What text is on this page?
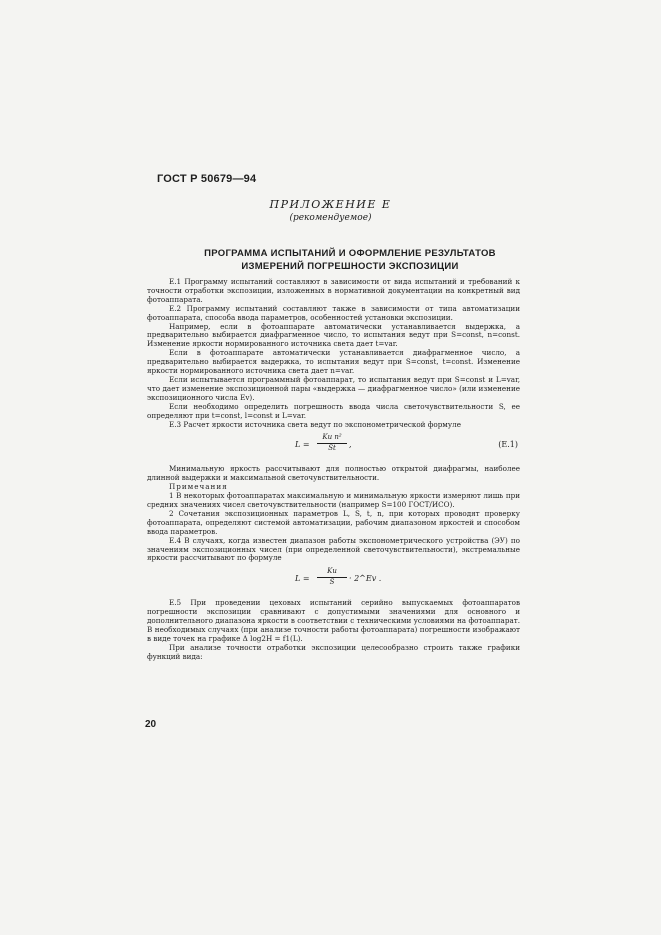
ГОСТ Р 50679—94
ПРИЛОЖЕНИЕ Е
(рекомендуемое)
ПРОГРАММА ИСПЫТАНИЙ И ОФОРМЛЕНИЕ РЕЗУЛЬТАТОВ
ИЗМЕРЕНИЙ ПОГРЕШНОСТИ ЭКСПОЗИЦИИ

Е.1 Программу испытаний составляют в зависимости от вида испытаний и требований к точности отработки экспозиции, изложенных в нормативной документации на конкретный вид фотоаппарата.

Е.2 Программу испытаний составляют также в зависимости от типа автоматизации фотоаппарата, способа ввода параметров, особенностей установки экспозиции.

Например, если в фотоаппарате автоматически устанавливается выдержка, а предварительно выбирается диафрагменное число, то испытания ведут при S=const, n=const. Изменение яркости нормированного источника света дает t=var.

Если в фотоаппарате автоматически устанавливается диафрагменное число, а предварительно выбирается выдержка, то испытания ведут при S=const, t=const. Изменение яркости нормированного источника света дает n=var.

Если испытывается программный фотоаппарат, то испытания ведут при S=const и L=var, что дает изменение экспозиционной пары «выдержка — диафрагменное число» (или изменение экспозиционного числа Ev).

Если необходимо определить погрешность ввода числа светочувствительности S, ее определяют при t=const, l=const и L=var.

Е.3 Расчет яркости источника света ведут по экспонометрической формуле

L =
Kи n²
St	,	(Е.1)

Минимальную яркость рассчитывают для полностью открытой диафрагмы, наиболее длинной выдержки и максимальной светочувствительности.

Примечания

1 В некоторых фотоаппаратах максимальную и минимальную яркости измеряют лишь при средних значениях чисел светочувствительности (например S=100 ГОСТ/ИСО).

2 Сочетания экспозиционных параметров L, S, t, n, при которых проводят проверку фотоаппарата, определяют системой автоматизации, рабочим диапазоном яркостей и способом ввода параметров.

Е.4 В случаях, когда известен диапазон работы экспонометрического устройства (ЭУ) по значениям экспозиционных чисел (при определенной светочувствительности), экстремальные яркости рассчитывают по формуле

L =
Kи
S	· 2^Ev .

Е.5 При проведении цеховых испытаний серийно выпускаемых фотоаппаратов погрешности экспозиции сравнивают с допустимыми значениями для основного и дополнительного диапазона яркости в соответствии с техническими условиями на фотоаппарат. В необходимых случаях (при анализе точности работы фотоаппарата) погрешности изображают в виде точек на графике Δ log2H = f1(L).

При анализе точности отработки экспозиции целесообразно строить также графики функций вида:

20
